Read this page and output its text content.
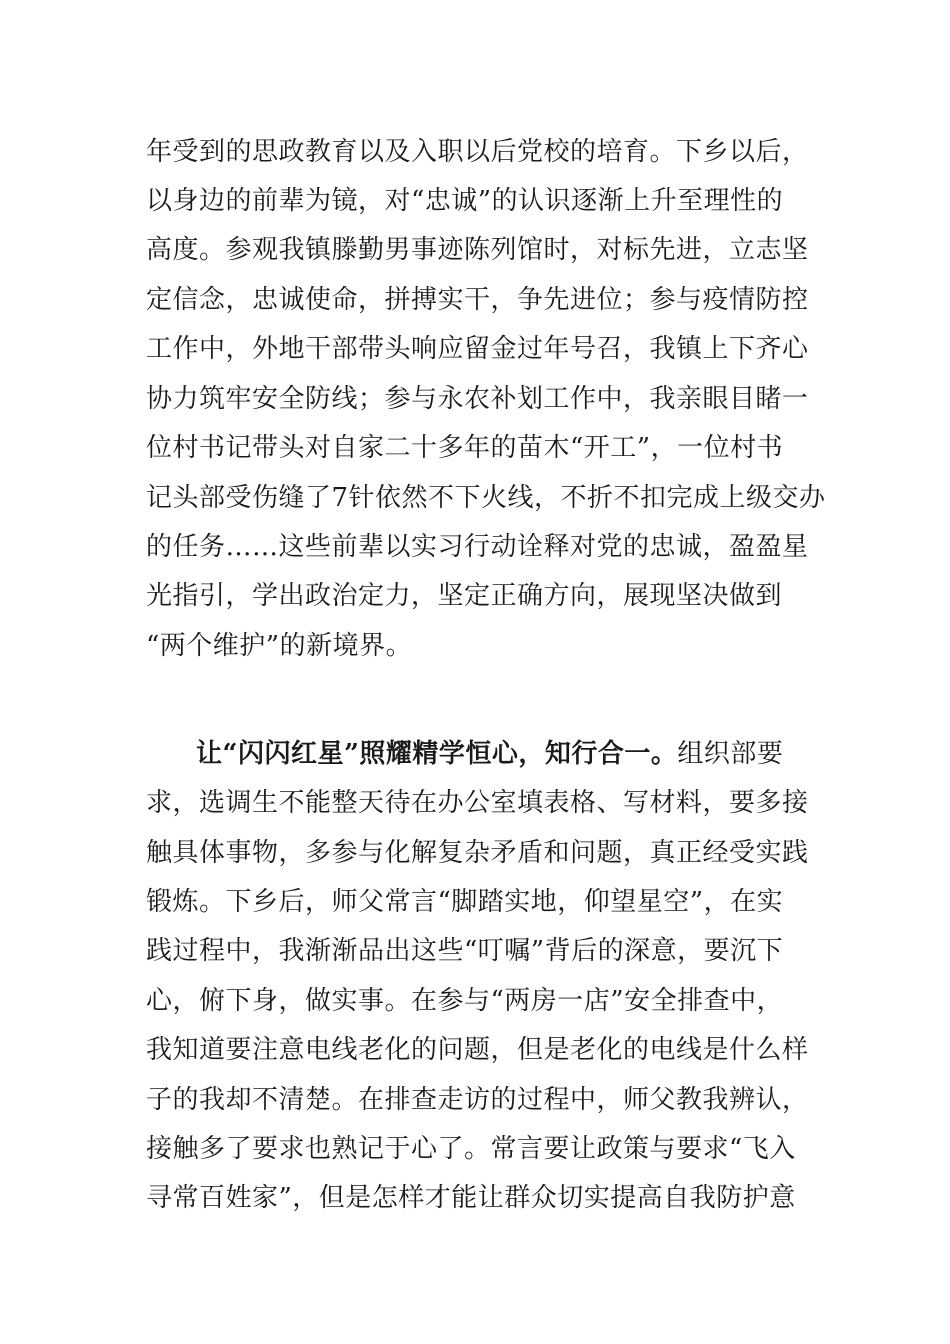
年受到的思政教育以及入职以后党校的培育。下乡以后，
以身边的前辈为镜，对“忠诚”的认识逐渐上升至理性的
高度。参观我镇滕勤男事迹陈列馆时，对标先进，立志坚
定信念，忠诚使命，拼搏实干，争先进位；参与疫情防控
工作中，外地干部带头响应留金过年号召，我镇上下齐心
协力筑牢安全防线；参与永农补划工作中，我亲眼目睹一
位村书记带头对自家二十多年的苗木“开工”，一位村书
记头部受伤缝了7针依然不下火线，不折不扣完成上级交办
的任务……这些前辈以实习行动诠释对党的忠诚，盈盈星
光指引，学出政治定力，坚定正确方向，展现坚决做到
“两个维护”的新境界。
让“闪闪红星”照耀精学恒心，知行合一。组织部要
求，选调生不能整天待在办公室填表格、写材料，要多接
触具体事物，多参与化解复杂矛盾和问题，真正经受实践
锻炼。下乡后，师父常言“脚踏实地，仰望星空”，在实
践过程中，我渐渐品出这些“叮嘱”背后的深意，要沉下
心，俯下身，做实事。在参与“两房一店”安全排查中，
我知道要注意电线老化的问题，但是老化的电线是什么样
子的我却不清楚。在排查走访的过程中，师父教我辨认，
接触多了要求也熟记于心了。常言要让政策与要求“飞入
寻常百姓家”，但是怎样才能让群众切实提高自我防护意
